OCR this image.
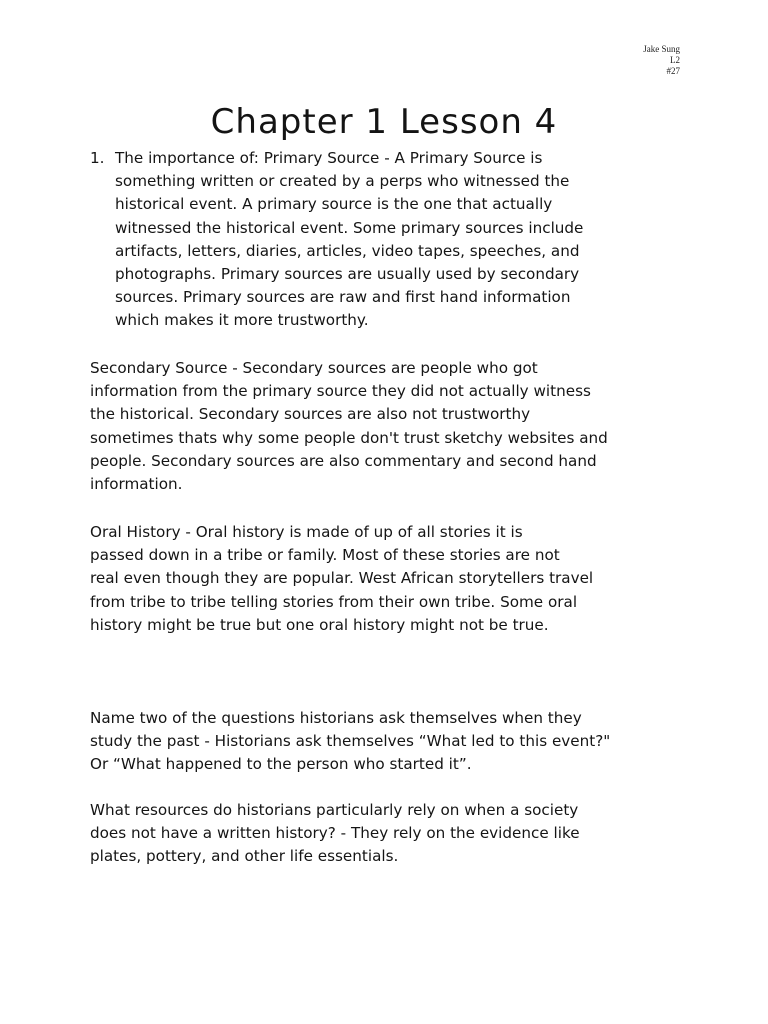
Jake Sung
L2
#27
Chapter 1 Lesson 4
1. The importance of: Primary Source - A Primary Source is
something written or created by a perps who witnessed the
historical event. A primary source is the one that actually
witnessed the historical event. Some primary sources include
artifacts, letters, diaries, articles, video tapes, speeches, and
photographs. Primary sources are usually used by secondary
sources. Primary sources are raw and first hand information
which makes it more trustworthy.
Secondary Source - Secondary sources are people who got
information from the primary source they did not actually witness
the historical. Secondary sources are also not trustworthy
sometimes thats why some people don't trust sketchy websites and
people. Secondary sources are also commentary and second hand
information.
Oral History - Oral history is made of up of all stories it is
passed down in a tribe or family. Most of these stories are not
real even though they are popular. West African storytellers travel
from tribe to tribe telling stories from their own tribe. Some oral
history might be true but one oral history might not be true.
Name two of the questions historians ask themselves when they
study the past - Historians ask themselves “What led to this event?"
Or “What happened to the person who started it”.
What resources do historians particularly rely on when a society
does not have a written history? - They rely on the evidence like
plates, pottery, and other life essentials.
